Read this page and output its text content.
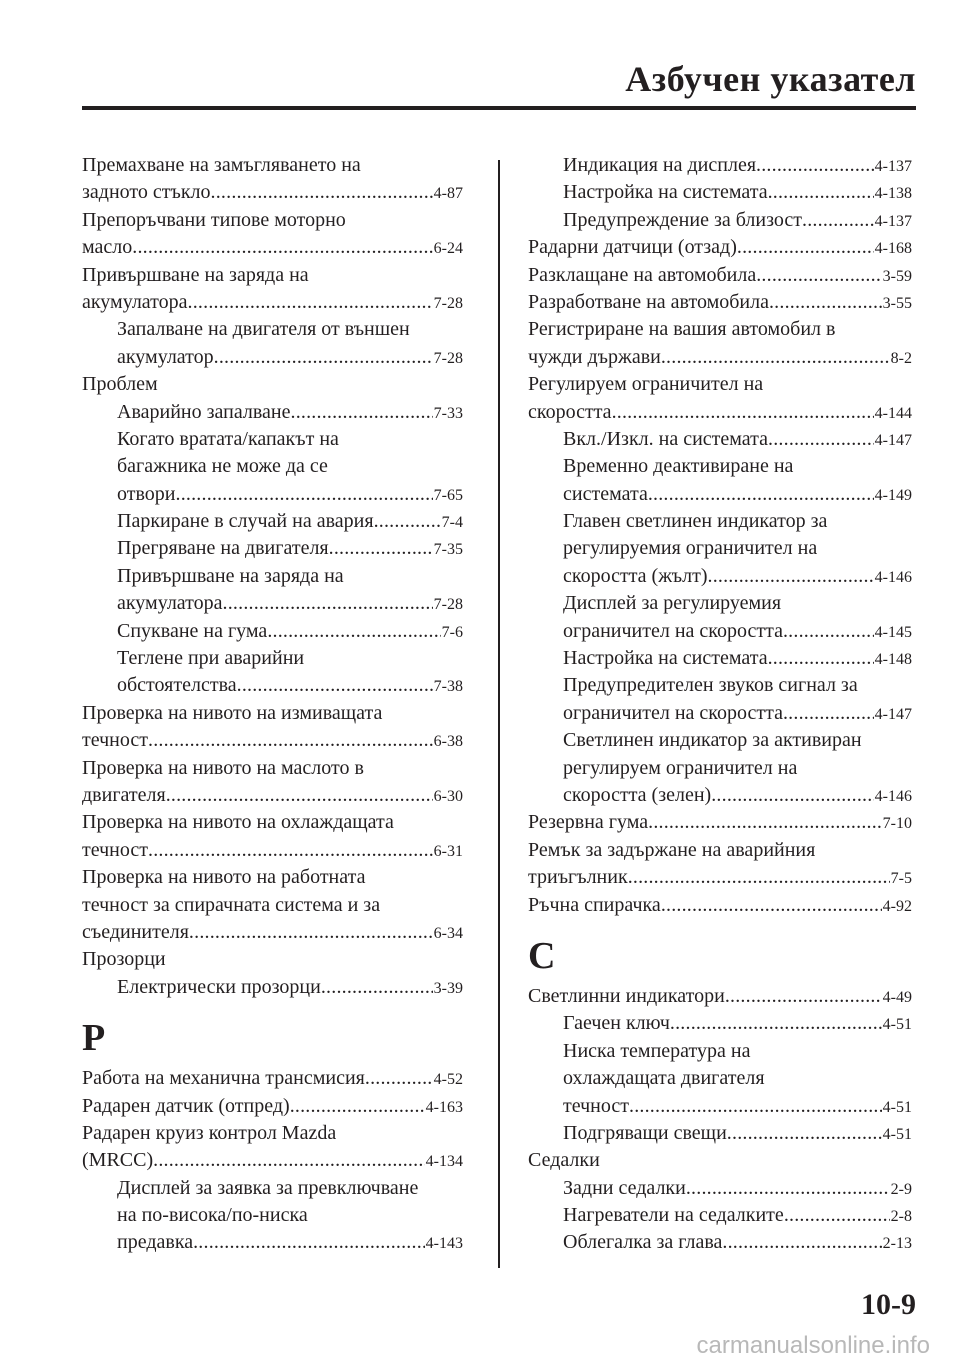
Азбучен указател
Премахване на замъгляването на
задното стъкло .....	4-87
Препоръчвани типове моторно
масло .....	6-24
Привършване на заряда на
акумулатора .....	7-28
Запалване на двигателя от външен
акумулатор .....	7-28
Проблем
Аварийно запалване .....	7-33
Когато вратата/капакът на
багажника не може да се
отвори .....	7-65
Паркиране в случай на авария .....	7-4
Прегряване на двигателя .....	7-35
Привършване на заряда на
акумулатора .....	7-28
Спукване на гума .....	7-6
Теглене при аварийни
обстоятелства .....	7-38
Проверка на нивото на измиващата
течност .....	6-38
Проверка на нивото на маслото в
двигателя .....	6-30
Проверка на нивото на охлаждащата
течност .....	6-31
Проверка на нивото на работната
течност за спирачната система и за
съединителя .....	6-34
Прозорци
Електрически прозорци .....	3-39
Р
Работа на механична трансмисия .....	4-52
Радарен датчик (отпред) .....	4-163
Радарен круиз контрол Mazda
(MRCC) .....	4-134
Дисплей за заявка за превключване
на по-висока/по-ниска
предавка .....	4-143
Индикация на дисплея .....	4-137
Настройка на системата .....	4-138
Предупреждение за близост .....	4-137
Радарни датчици (отзад) .....	4-168
Разклащане на автомобила .....	3-59
Разработване на автомобила .....	3-55
Регистриране на вашия автомобил в
чужди държави .....	8-2
Регулируем ограничител на
скоростта .....	4-144
Вкл./Изкл. на системата .....	4-147
Временно деактивиране на
системата .....	4-149
Главен светлинен индикатор за
регулируемия ограничител на
скоростта (жълт) .....	4-146
Дисплей за регулируемия
ограничител на скоростта .....	4-145
Настройка на системата .....	4-148
Предупредителен звуков сигнал за
ограничител на скоростта .....	4-147
Светлинен индикатор за активиран
регулируем ограничител на
скоростта (зелен) .....	4-146
Резервна гума .....	7-10
Ремък за задържане на аварийния
триъгълник .....	7-5
Ръчна спирачка .....	4-92
С
Светлинни индикатори .....	4-49
Гаечен ключ .....	4-51
Ниска температура на
охлаждащата двигателя
течност .....	4-51
Подгряващи свещи .....	4-51
Седалки
Задни седалки .....	2-9
Нагреватели на седалките .....	2-8
Облегалка за глава .....	2-13
10-9
carmanualsonline.info
